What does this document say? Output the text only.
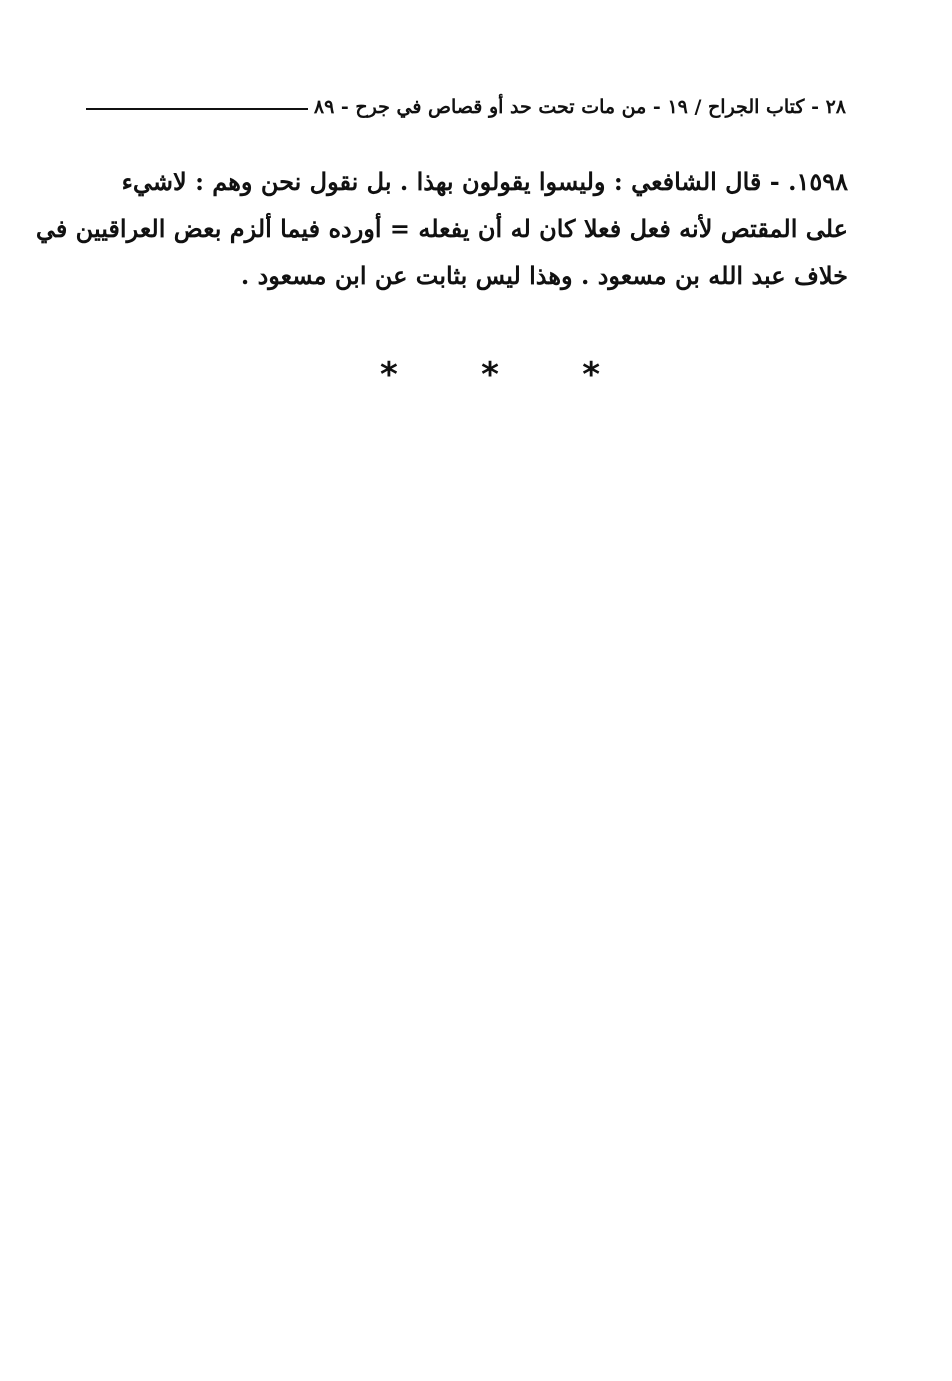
٢٨ - كتاب الجراح / ١٩ - من مات تحت حد أو قصاص في جرح - ٨٩
١٥٩٨. - قال الشافعي : وليسوا يقولون بهذا . بل نقول نحن وهم : لاشيء
على المقتص لأنه فعل فعلا كان له أن يفعله = أورده فيما ألزم بعض العراقيين في
خلاف عبد الله بن مسعود . وهذا ليس بثابت عن ابن مسعود .
* * *
